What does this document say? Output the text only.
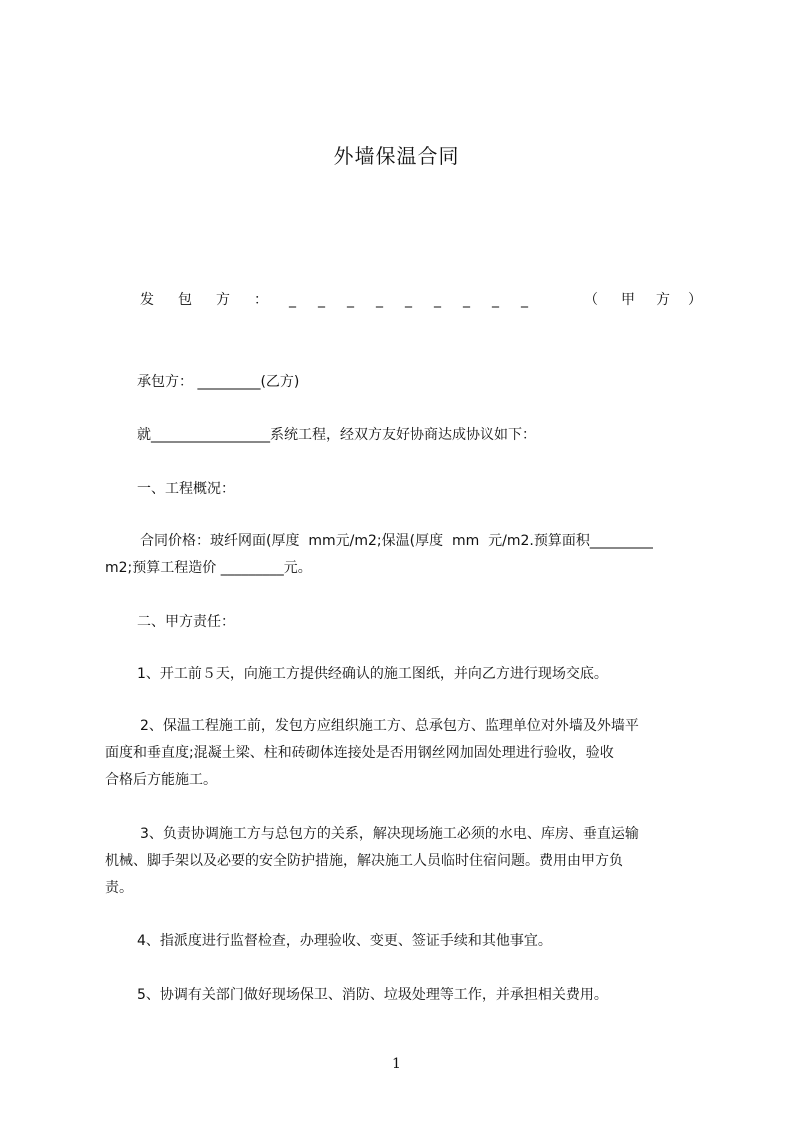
外墙保温合同
发 包 方 ： _ _ _ _ _ _ _ _ _	（ 甲 方 ）

承包方： _________(乙方)

就_________________系统工程，经双方友好协商达成协议如下：

一、工程概况：

合同价格：玻纤网面(厚度  mm元/m2;保温(厚度  mm  元/m2.预算面积_________

m2;预算工程造价 _________元。

二、甲方责任：

1、开工前５天，向施工方提供经确认的施工图纸，并向乙方进行现场交底。

2、保温工程施工前，发包方应组织施工方、总承包方、监理单位对外墙及外墙平

面度和垂直度;混凝土梁、柱和砖砌体连接处是否用钢丝网加固处理进行验收，验收

合格后方能施工。

3、负责协调施工方与总包方的关系，解决现场施工必须的水电、库房、垂直运输

机械、脚手架以及必要的安全防护措施，解决施工人员临时住宿问题。费用由甲方负

责。

4、指派度进行监督检查，办理验收、变更、签证手续和其他事宜。

5、协调有关部门做好现场保卫、消防、垃圾处理等工作，并承担相关费用。

1
